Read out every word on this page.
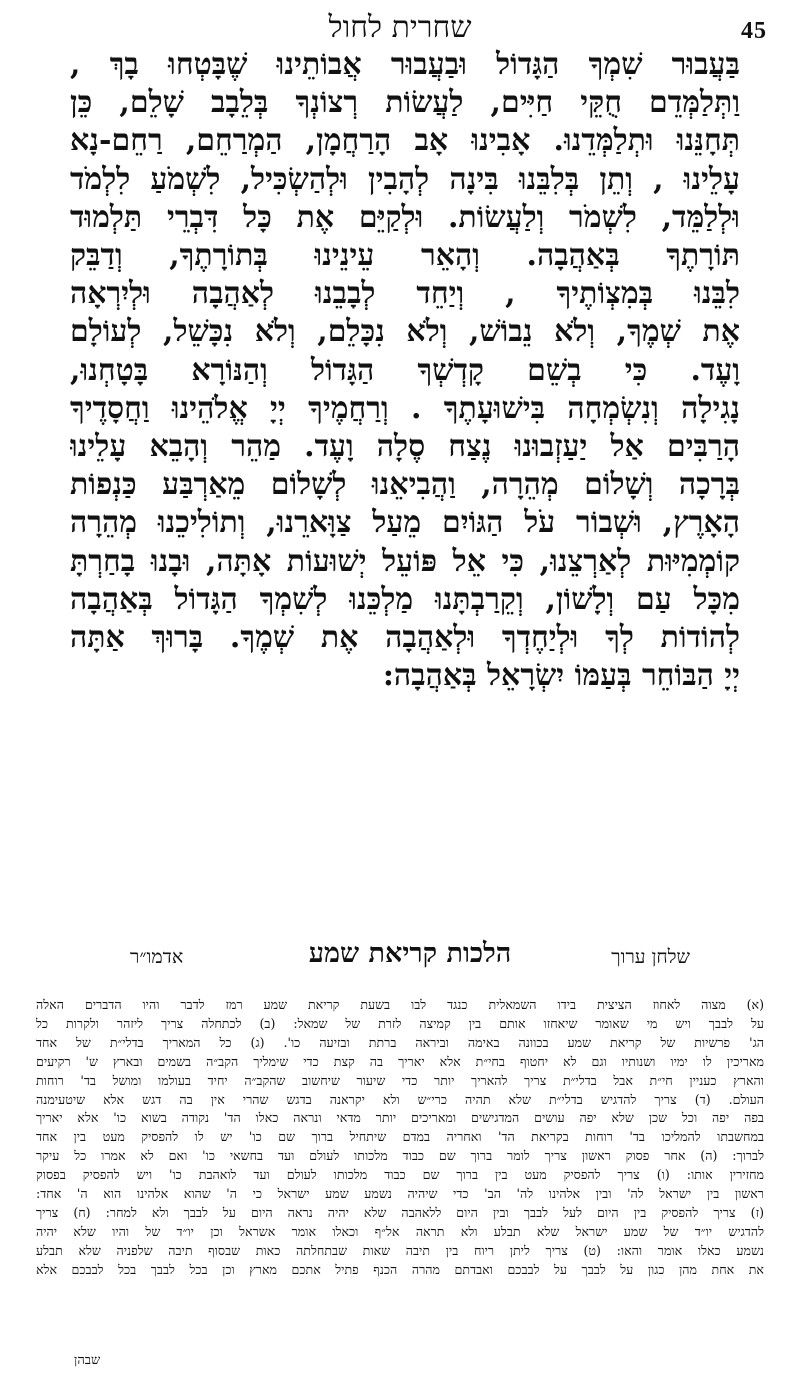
45
שחרית לחול
בַּעֲבוּר שִׁמְךָ הַגָּדוֹל וּבַעֲבוּר אֲבוֹתֵינוּ שֶׁבָּטְחוּ בָךְ ,
וַתְּלַמְּדֵם חֻקֵּי חַיִּים, לַעֲשׂוֹת רְצוֹנְךָ בְּלֵבָב שָׁלֵם, כֵּן
תְּחָנֵּנוּ וּתְלַמְּדֵנוּ. אָבִינוּ אָב הָרַחֲמָן, הַמְרַחֵם, רַחֵם-נָא
עָלֵינוּ , וְתֵן בְּלִבֵּנוּ בִּינָה לְהָבִין וּלְהַשְׂכִּיל, לִשְׁמֹעַ לִלְמֹד
וּלְלַמֵּד, לִשְׁמֹר וְלַעֲשׂוֹת. וּלְקַיֵּם אֶת כָּל דִּבְרֵי תַּלְמוּד
תּוֹרָתֶךָ בְּאַהֲבָה. וְהָאֵר עֵינֵינוּ בְּתוֹרָתֶךָ, וְדַבֵּק
לִבֵּנוּ בְּמִצְוֹתֶיךָ , וְיַחֵד לְבָבֵנוּ לְאַהֲבָה וּלְיִרְאָה
אֶת שְׁמֶךָ, וְלֹא נֵבוֹשׁ, וְלֹא נִכָּלֵם, וְלֹא נִכָּשֵׁל, לְעוֹלָם
וָעֶד. כִּי בְשֵׁם קָדְשְׁךָ הַגָּדוֹל וְהַנּוֹרָא בָּטָחְנוּ,
נָגִילָה וְנִשְׂמְחָה בִּישׁוּעָתֶךָ . וְרַחֲמֶיךָ יְיָ אֱלֹהֵינוּ וַחֲסָדֶיךָ
הָרַבִּים אַל יַעַזְבוּנוּ נֶצַח סֶלָה וָעֶד. מַהֵר וְהָבֵא עָלֵינוּ
בְּרָכָה וְשָׁלוֹם מְהֵרָה, וַהֲבִיאֵנוּ לְשָׁלוֹם מֵאַרְבַּע כַּנְפוֹת
הָאָרֶץ, וּשְׁבוֹר עֹל הַגּוֹיִם מֵעַל צַוָּארֵנוּ, וְתוֹלִיכֵנוּ מְהֵרָה
קוֹמְמִיּוּת לְאַרְצֵנוּ, כִּי אֵל פּוֹעֵל יְשׁוּעוֹת אָתָּה, וּבָנוּ בָחַרְתָּ
מִכָּל עַם וְלָשׁוֹן, וְקֵרַבְתָּנוּ מַלְכֵּנוּ לְשִׁמְךָ הַגָּדוֹל בְּאַהֲבָה
לְהוֹדוֹת לְךָ וּלְיַחֶדְךָ וּלְאַהֲבָה אֶת שְׁמֶךָ. בָּרוּךְ אַתָּה
יְיָ הַבּוֹחֵר בְּעַמּוֹ יִשְׂרָאֵל בְּאַהֲבָה:
שלחן ערוך
הלכות קריאת שמע
אדמו״ר
(א) מצוה לאחוז הציצית בידו השמאלית כנגד לבו בשעת קריאת שמע רמז לדבר והיו הדברים האלה
על לבבך ויש מי שאומר שיאחזו אותם בין קמיצה לזרת של שמאל: (ב) לכתחלה צריך ליזהר ולקרות כל
הג' פרשיות של קריאת שמע בכוונה באימה וביראה ברתת ובזיעה כו'. (ג) כל המאריך בדלי״ת של אחד
מאריכין לו ימיו ושנותיו וגם לא יחטוף בחי״ת אלא יאריך בה קצת כדי שימליך הקב״ה בשמים ובארץ ש' רקיעים
והארץ כעניין חי״ת אבל בדלי״ת צריך להאריך יותר כדי שיעור שיחשוב שהקב״ה יחיד בעולמו ומושל בד' רוחות
העולם. (ד) צריך להדגיש בדלי״ת שלא תהיה כרי״ש ולא יקראנה בדגש שהרי אין בה דגש אלא שיטעימנה
בפה יפה וכל שכן שלא יפה עושים המדגישים ומאריכים יותר מדאי ונראה כאלו הד' נקודה בשוא כו' אלא יאריך
במחשבתו להמליכו בד' רוחות בקריאת הד' ואחריה במדם שיתחיל ברוך שם כו' יש לו להפסיק מעט בין אחד
לברוך: (ה) אחר פסוק ראשון צריך לומר ברוך שם כבוד מלכותו לעולם ועד בחשאי כו' ואם לא אמרו כל עיקר
מחזירין אותו: (ו) צריך להפסיק מעט בין ברוך שם כבוד מלכותו לעולם ועד לואהבת כו' ויש להפסיק בפסוק
ראשון בין ישראל לה' ובין אלהינו לה' הב' כדי שיהיה נשמע שמע ישראל כי ה' שהוא אלהינו הוא ה' אחד:
(ז) צריך להפסיק בין היום לעל לבבך ובין היום ללאהבה שלא יהיה נראה היום על לבבך ולא למחר: (ח) צריך
להדגיש יו״ד של שמע ישראל שלא תבלע ולא תראה אל״ף וכאלו אומר אשראל וכן יו״ד של והיו שלא יהיה
נשמע כאלו אומר והאו: (ט) צריך ליתן ריוח בין תיבה שאות שבתחלתה כאות שבסוף תיבה שלפניה שלא תבלע
את אחת מהן כגון על לבבך על לבבכם ואבדתם מהרה הכנף פתיל אתכם מארץ וכן בכל לבבך בכל לבבכם אלא
שבהן
